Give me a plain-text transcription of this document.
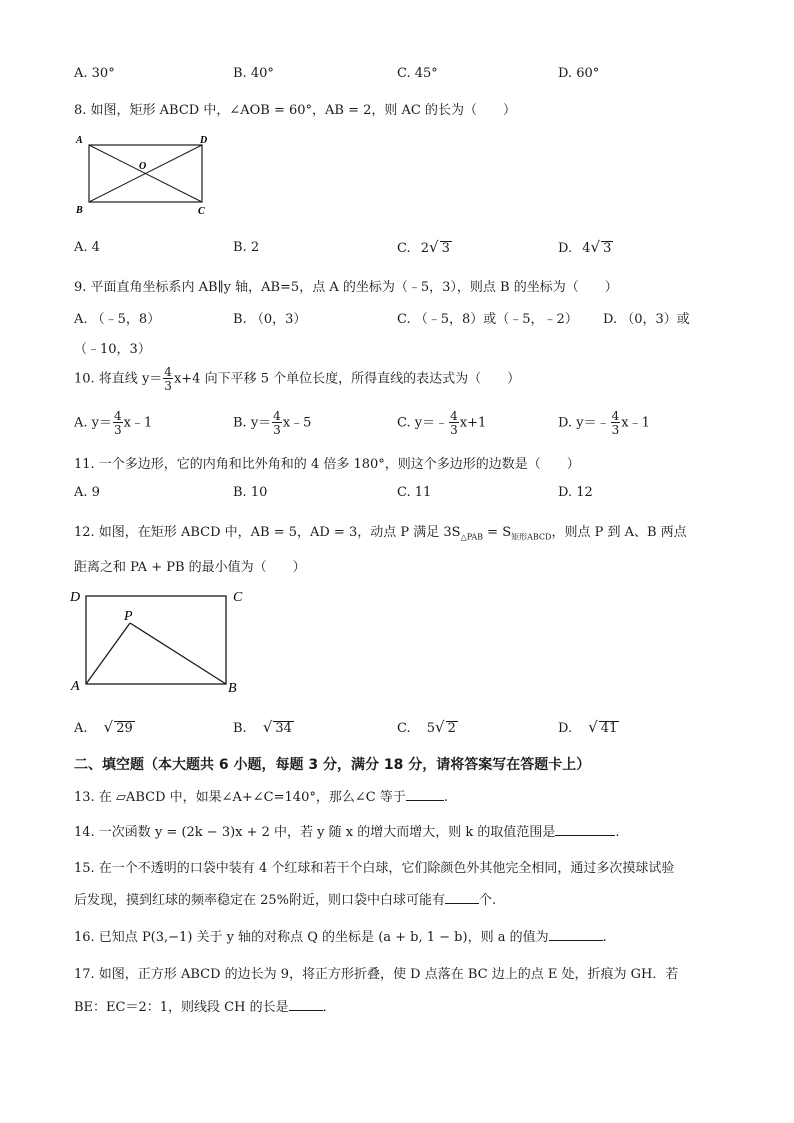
A. 30°	B. 40°	C. 45°	D. 60°
8. 如图，矩形 ABCD 中，∠AOB = 60°，AB = 2，则 AC 的长为（　　）
A	D
O
B	C
A. 4	B. 2	C. 2√ 3	D. 4√ 3
9. 平面直角坐标系内 AB∥y 轴，AB=5，点 A 的坐标为（﹣5，3），则点 B 的坐标为（　　）
A. （﹣5，8）	B. （0，3）	C. （﹣5，8）或（﹣5，﹣2） D. （0，3）或
（﹣10，3）
10. 将直线 $y= \frac{4}{3} x+4$ 向下平移 5 个单位长度，所得直线的表达式为（　　）
A. $y= \frac{4}{3}$ x﹣1	B. $y= \frac{4}{3}$ x﹣5	C. y＝﹣ $\frac{4}{3} x+1$	D. y＝﹣ $\frac{4}{3}$ x﹣1
11. 一个多边形，它的内角和比外角和的 4 倍多 180°，则这个多边形的边数是（　　）
A. 9	B. 10	C. 11	D. 12
12. 如图，在矩形 ABCD 中，AB = 5，AD = 3，动点 P 满足 $3S_{\triangle PAB} = S_{矩形ABCD}$，则点 P 到 A、B 两点
距离之和 PA + PB 的最小值为（　　）
D	C
P
A	B
A. √ 29	B. √ 34	C. 5√ 2	D. √ 41
二、填空题（本大题共 6 小题，每题 3 分，满分 18 分，请将答案写在答题卡上）
13. 在 ▱ABCD 中，如果∠A+∠C=140°，那么∠C 等于	.
14. 一次函数 y = (2k − 3)x + 2 中，若 y 随 x 的增大而增大，则 k 的取值范围是	.
15. 在一个不透明的口袋中装有 4 个红球和若干个白球，它们除颜色外其他完全相同，通过多次摸球试验
后发现，摸到红球的频率稳定在 25%附近，则口袋中白球可能有	个.
16. 已知点 P(3,−1) 关于 y 轴的对称点 Q 的坐标是 (a + b, 1 − b)，则 a 的值为	.
17. 如图，正方形 ABCD 的边长为 9，将正方形折叠，使 D 点落在 BC 边上的点 E 处，折痕为 GH．若
BE：EC＝2：1，则线段 CH 的长是	．
